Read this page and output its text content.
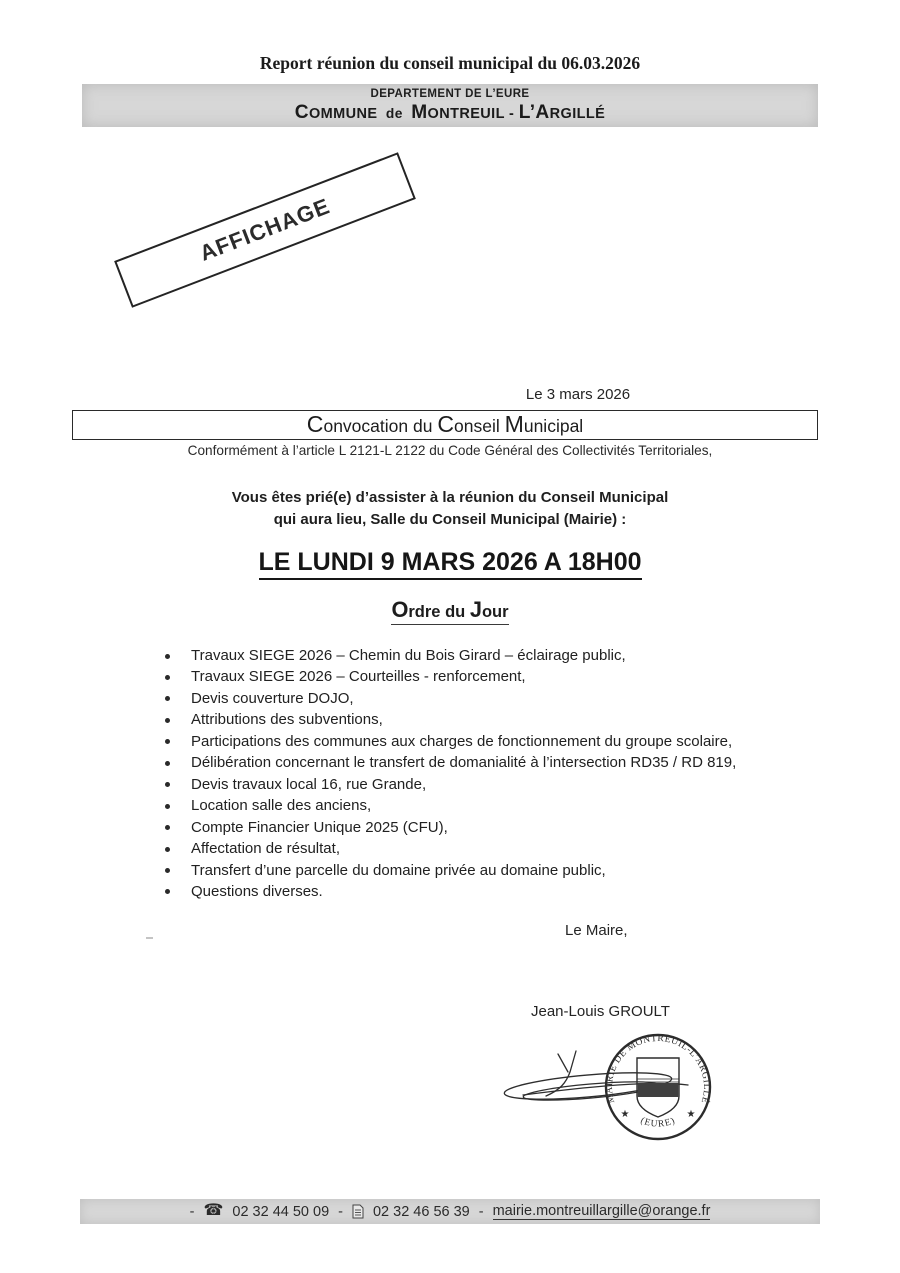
Report réunion du conseil municipal du 06.03.2026
DEPARTEMENT DE L’EURE
COMMUNE  de  MONTREUIL - L’ARGILLÉ
AFFICHAGE
Le 3 mars 2026
Convocation du Conseil Municipal
Conformément à l’article L 2121-L 2122 du Code Général des Collectivités Territoriales,
Vous êtes prié(e) d’assister à la réunion du Conseil Municipal
qui aura lieu, Salle du Conseil Municipal (Mairie) :
LE LUNDI 9 MARS 2026 A 18H00
Ordre du Jour
Travaux SIEGE 2026 – Chemin du Bois Girard – éclairage public,
Travaux SIEGE 2026 – Courteilles - renforcement,
Devis couverture DOJO,
Attributions des subventions,
Participations des communes aux charges de fonctionnement du groupe scolaire,
Délibération concernant le transfert de domanialité à l’intersection RD35 / RD 819,
Devis travaux local 16, rue Grande,
Location salle des anciens,
Compte Financier Unique 2025 (CFU),
Affectation de résultat,
Transfert d’une parcelle du domaine privée au domaine public,
Questions diverses.
Le Maire,
Jean-Louis GROULT
MAIRIE DE MONTREUIL-L’ARGILLÉ
(EURE)
★	★
- ☎ 02 32 44 50 09 - 02 32 46 56 39 - mairie.montreuillargille@orange.fr
